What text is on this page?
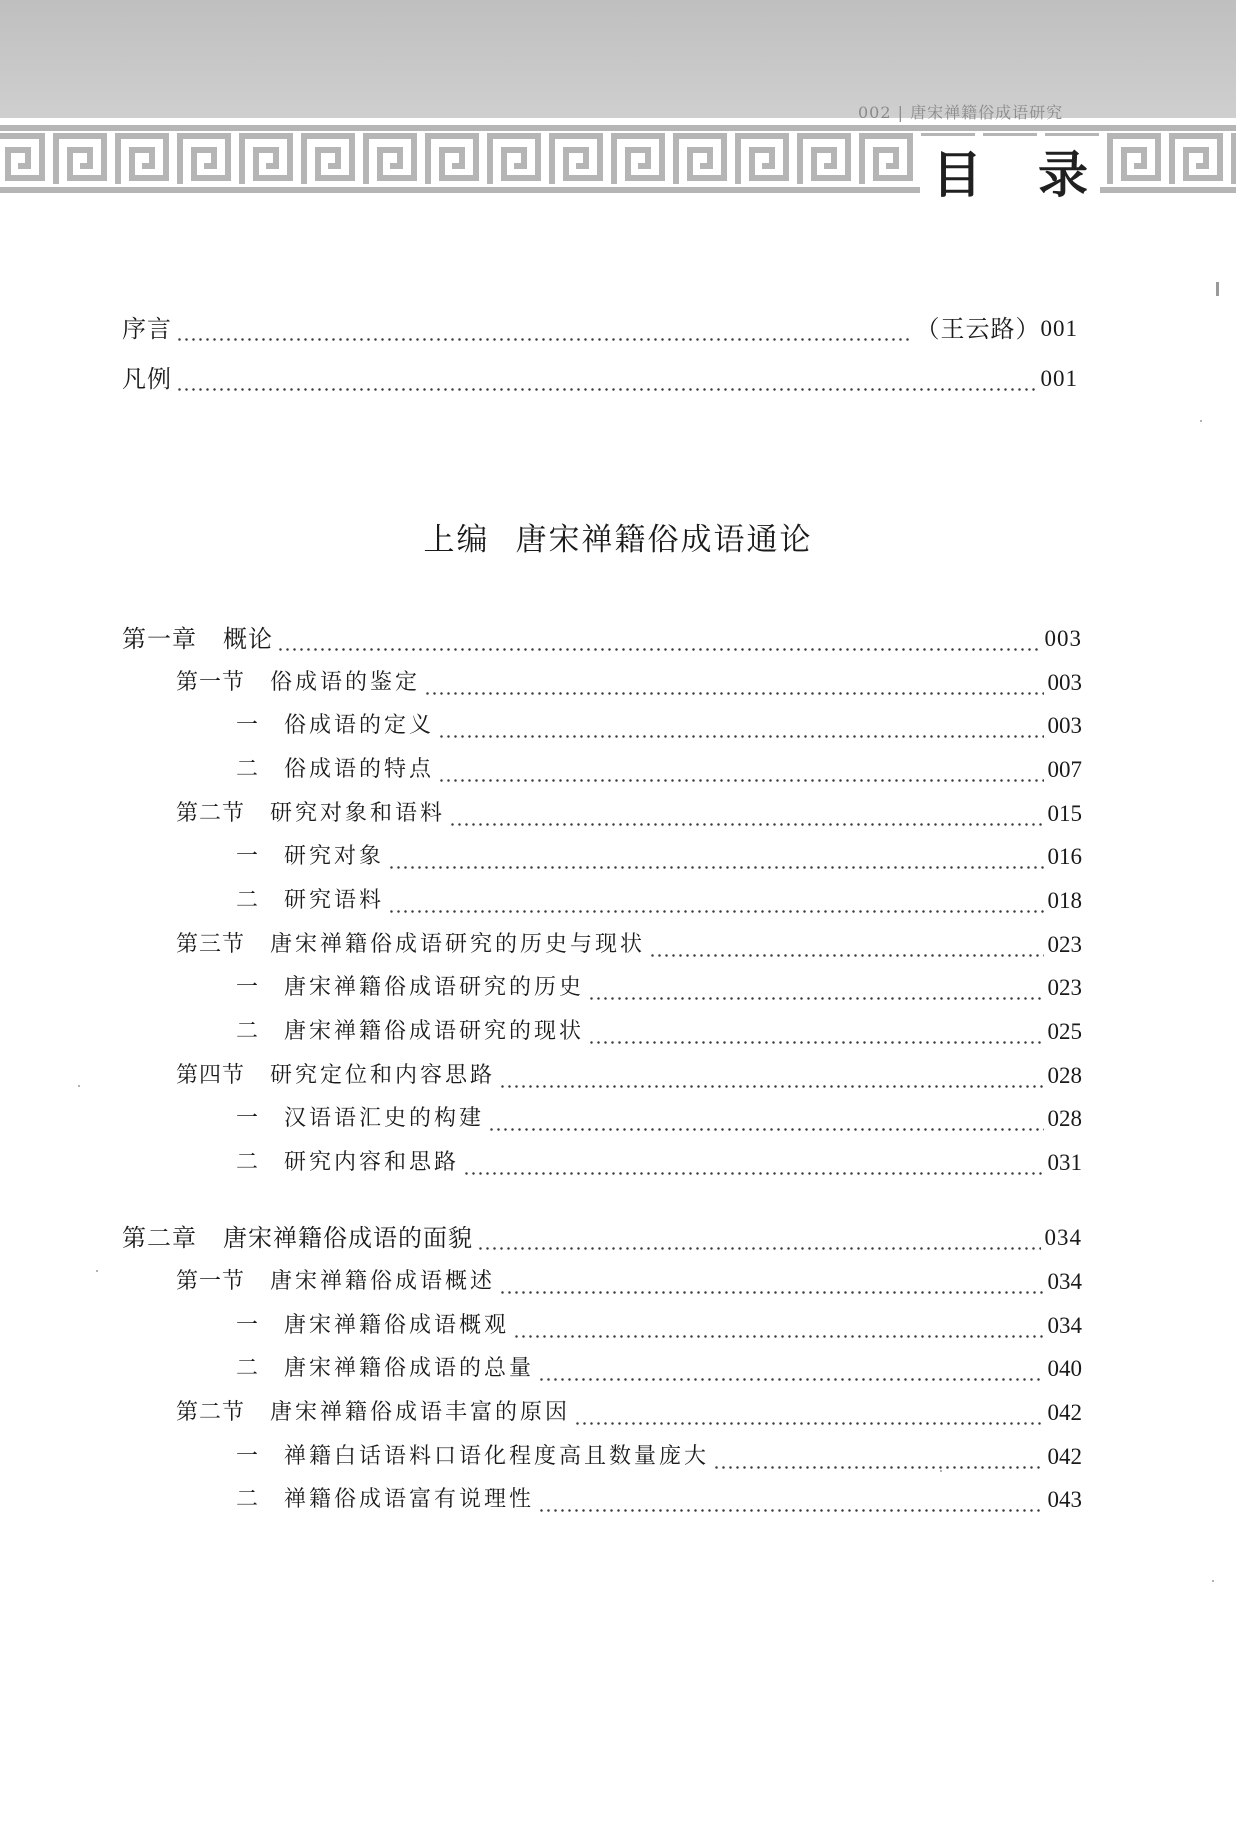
002 | 唐宋禅籍俗成语研究
目 录
序言	（王云路） 001
凡例	001
上编 唐宋禅籍俗成语通论
第一章 概论	003
第一节	俗成语的鉴定	003
一	俗成语的定义	003
二	俗成语的特点	007
第二节	研究对象和语料	015
一	研究对象	016
二	研究语料	018
第三节	唐宋禅籍俗成语研究的历史与现状	023
一	唐宋禅籍俗成语研究的历史	023
二	唐宋禅籍俗成语研究的现状	025
第四节	研究定位和内容思路	028
一	汉语语汇史的构建	028
二	研究内容和思路	031
第二章 唐宋禅籍俗成语的面貌	034
第一节	唐宋禅籍俗成语概述	034
一	唐宋禅籍俗成语概观	034
二	唐宋禅籍俗成语的总量	040
第二节	唐宋禅籍俗成语丰富的原因	042
一	禅籍白话语料口语化程度高且数量庞大	042
二	禅籍俗成语富有说理性	043
